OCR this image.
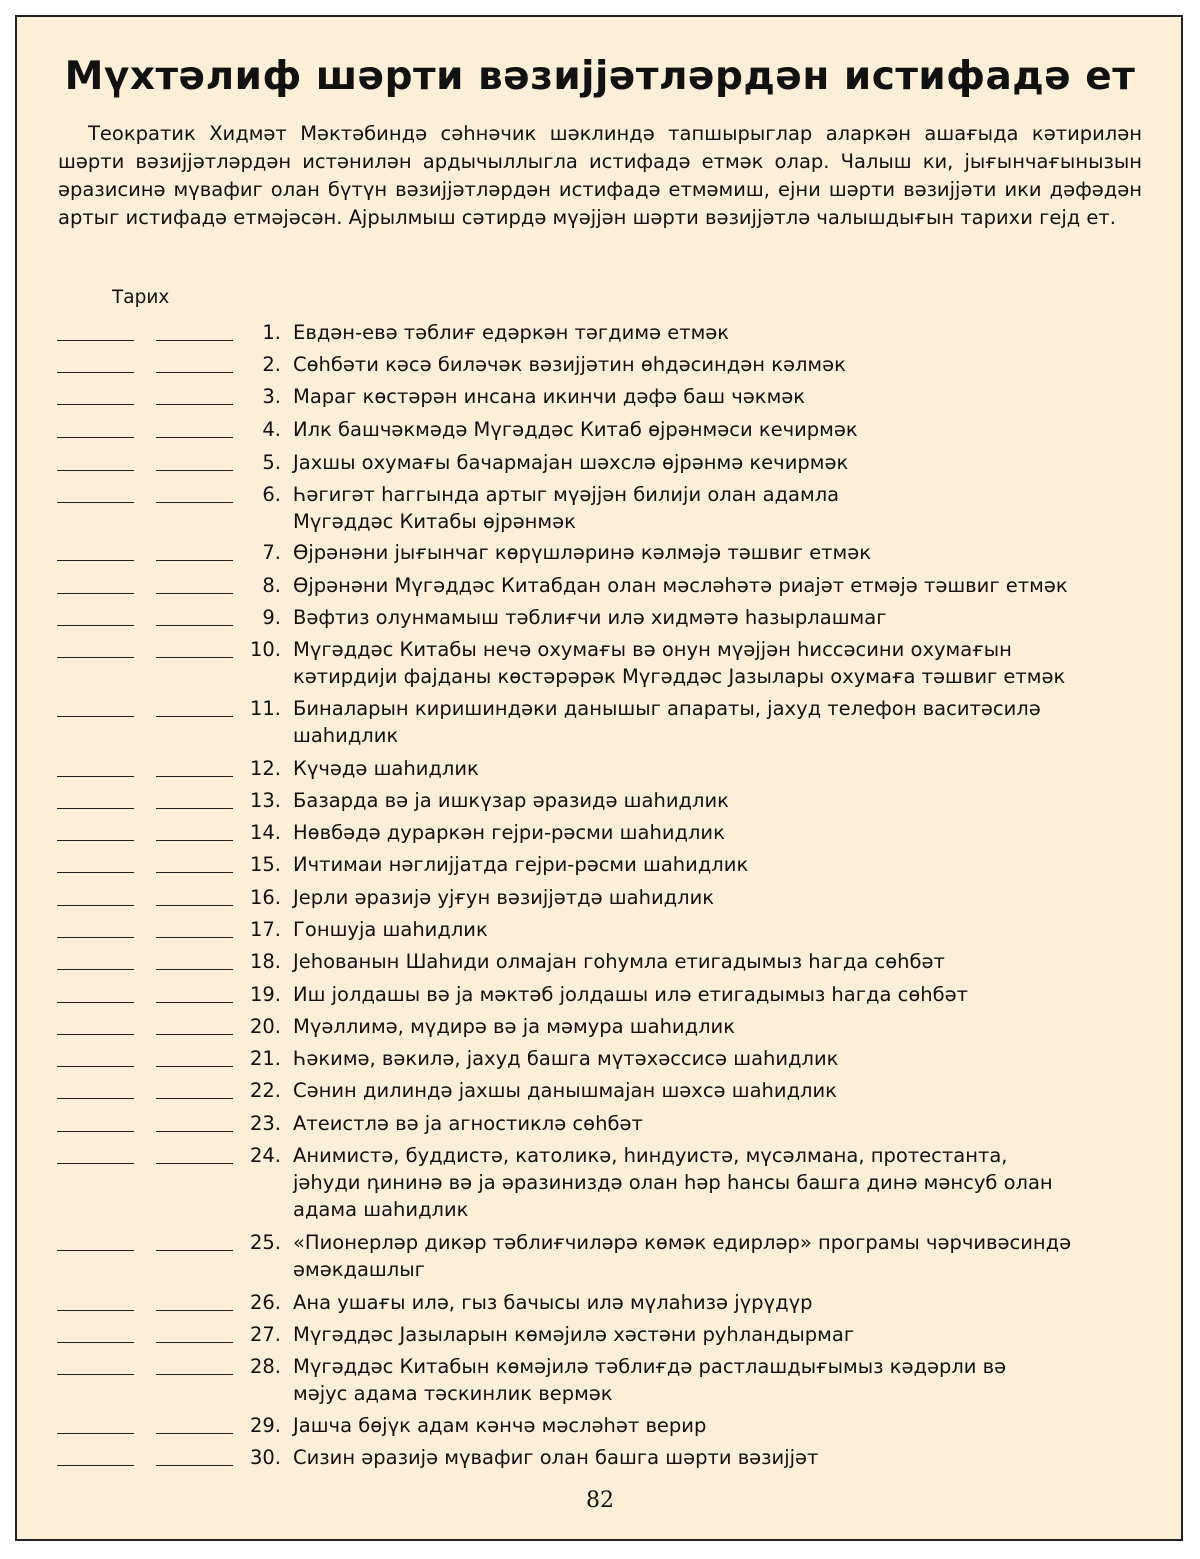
Мүхтәлиф шәрти вәзијјәтләрдән истифадә ет

Теократик Хидмәт Мәктәбиндә сәһнәчик шәклиндә тапшырыглар аларкән ашағыда кәтирилән шәрти вәзијјәтләрдән истәнилән ардычыллыгла истифадә етмәк олар. Чалыш ки, јығынчағынызын әразисинә мүвафиг олан бүтүн вәзијјәтләрдән истифадә етмәмиш, ејни шәрти вәзијјәти ики дәфәдән артыг истифадә етмәјәсән. Ајрылмыш сәтирдә мүәјјән шәрти вәзијјәтлә чалышдығын тарихи гејд ет.

Тарих
1. Евдән-евә тәблиғ едәркән тәгдимә етмәк
2. Сөһбәти кәсә биләчәк вәзијјәтин өһдәсиндән кәлмәк
3. Мараг көстәрән инсана икинчи дәфә баш чәкмәк
4. Илк башчәкмәдә Мүгәддәс Китаб өјрәнмәси кечирмәк
5. Јахшы охумағы бачармајан шәхслә өјрәнмә кечирмәк
6. Һәгигәт һаггында артыг мүәјјән билији олан адамла
Мүгәддәс Китабы өјрәнмәк
7. Өјрәнәни јығынчаг көрүшләринә кәлмәјә тәшвиг етмәк
8. Өјрәнәни Мүгәддәс Китабдан олан мәсләһәтә риајәт етмәјә тәшвиг етмәк
9. Вәфтиз олунмамыш тәблиғчи илә хидмәтә һазырлашмаг
10. Мүгәддәс Китабы нечә охумағы вә онун мүәјјән һиссәсини охумағын
кәтирдији фајданы көстәрәрәк Мүгәддәс Јазылары охумаға тәшвиг етмәк
11. Биналарын киришиндәки данышыг апараты, јахуд телефон васитәсилә
шаһидлик
12. Күчәдә шаһидлик
13. Базарда вә ја ишкүзар әразидә шаһидлик
14. Нөвбәдә дураркән гејри-рәсми шаһидлик
15. Ичтимаи нәглијјатда гејри-рәсми шаһидлик
16. Јерли әразијә ујғун вәзијјәтдә шаһидлик
17. Гоншуја шаһидлик
18. Јеһованын Шаһиди олмајан гоһумла етигадымыз һагда сөһбәт
19. Иш јолдашы вә ја мәктәб јолдашы илә етигадымыз һагда сөһбәт
20. Мүәллимә, мүдирә вә ја мәмура шаһидлик
21. Һәкимә, вәкилә, јахуд башга мүтәхәссисә шаһидлик
22. Сәнин дилиндә јахшы данышмајан шәхсә шаһидлик
23. Атеистлә вә ја агностиклә сөһбәт
24. Анимистә, буддистә, католикә, һиндуистә, мүсәлмана, протестанта,
јәһуди դининә вә ја әразиниздә олан һәр һансы башга динә мәнсуб олан
адама шаһидлик
25. «Пионерләр дикәр тәблиғчиләрә көмәк едирләр» програмы чәрчивәсиндә
әмәкдашлыг
26. Ана ушағы илә, гыз бачысы илә мүлаһизә јүрүдүр
27. Мүгәддәс Јазыларын көмәјилә хәстәни руһландырмаг
28. Мүгәддәс Китабын көмәјилә тәблиғдә растлашдығымыз кәдәрли вә
мәјус адама тәскинлик вермәк
29. Јашча бөјүк адам кәнчә мәсләһәт верир
30. Сизин әразијә мүвафиг олан башга шәрти вәзијјәт
82
